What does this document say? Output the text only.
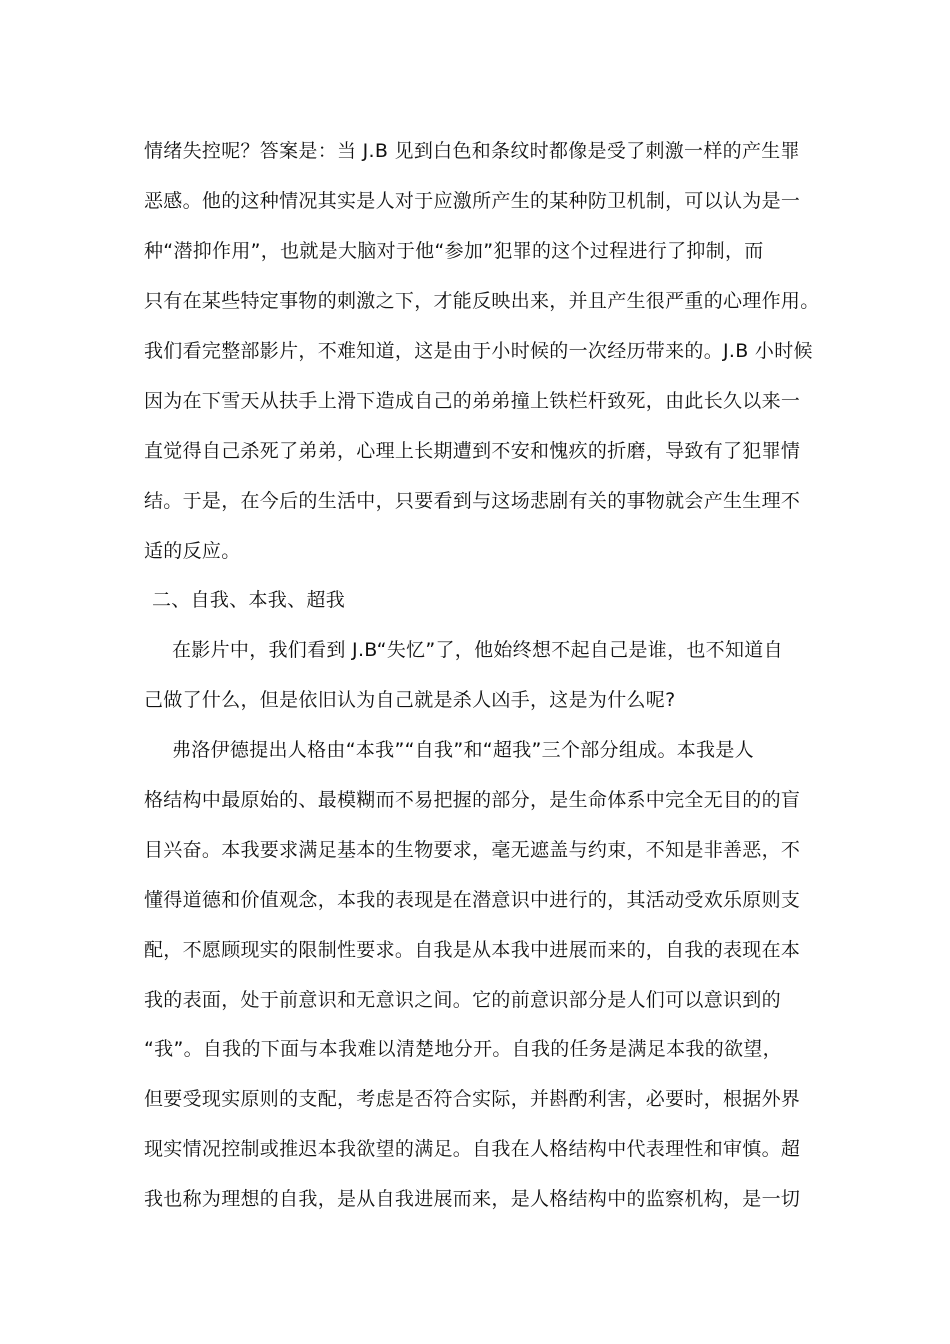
情绪失控呢？答案是：当 J.B 见到白色和条纹时都像是受了刺激一样的产生罪
恶感。他的这种情况其实是人对于应激所产生的某种防卫机制，可以认为是一
种“潜抑作用”，也就是大脑对于他“参加”犯罪的这个过程进行了抑制，而
只有在某些特定事物的刺激之下，才能反映出来，并且产生很严重的心理作用。
我们看完整部影片，不难知道，这是由于小时候的一次经历带来的。J.B 小时候
因为在下雪天从扶手上滑下造成自己的弟弟撞上铁栏杆致死，由此长久以来一
直觉得自己杀死了弟弟，心理上长期遭到不安和愧疚的折磨，导致有了犯罪情
结。于是，在今后的生活中，只要看到与这场悲剧有关的事物就会产生生理不
适的反应。
二、自我、本我、超我
在影片中，我们看到 J.B“失忆”了，他始终想不起自己是谁，也不知道自
己做了什么，但是依旧认为自己就是杀人凶手，这是为什么呢?
弗洛伊德提出人格由“本我”“自我”和“超我”三个部分组成。本我是人
格结构中最原始的、最模糊而不易把握的部分，是生命体系中完全无目的的盲
目兴奋。本我要求满足基本的生物要求，毫无遮盖与约束，不知是非善恶，不
懂得道德和价值观念，本我的表现是在潜意识中进行的，其活动受欢乐原则支
配，不愿顾现实的限制性要求。自我是从本我中进展而来的，自我的表现在本
我的表面，处于前意识和无意识之间。它的前意识部分是人们可以意识到的
“我”。自我的下面与本我难以清楚地分开。自我的任务是满足本我的欲望，
但要受现实原则的支配，考虑是否符合实际，并斟酌利害，必要时，根据外界
现实情况控制或推迟本我欲望的满足。自我在人格结构中代表理性和审慎。超
我也称为理想的自我，是从自我进展而来，是人格结构中的监察机构，是一切
